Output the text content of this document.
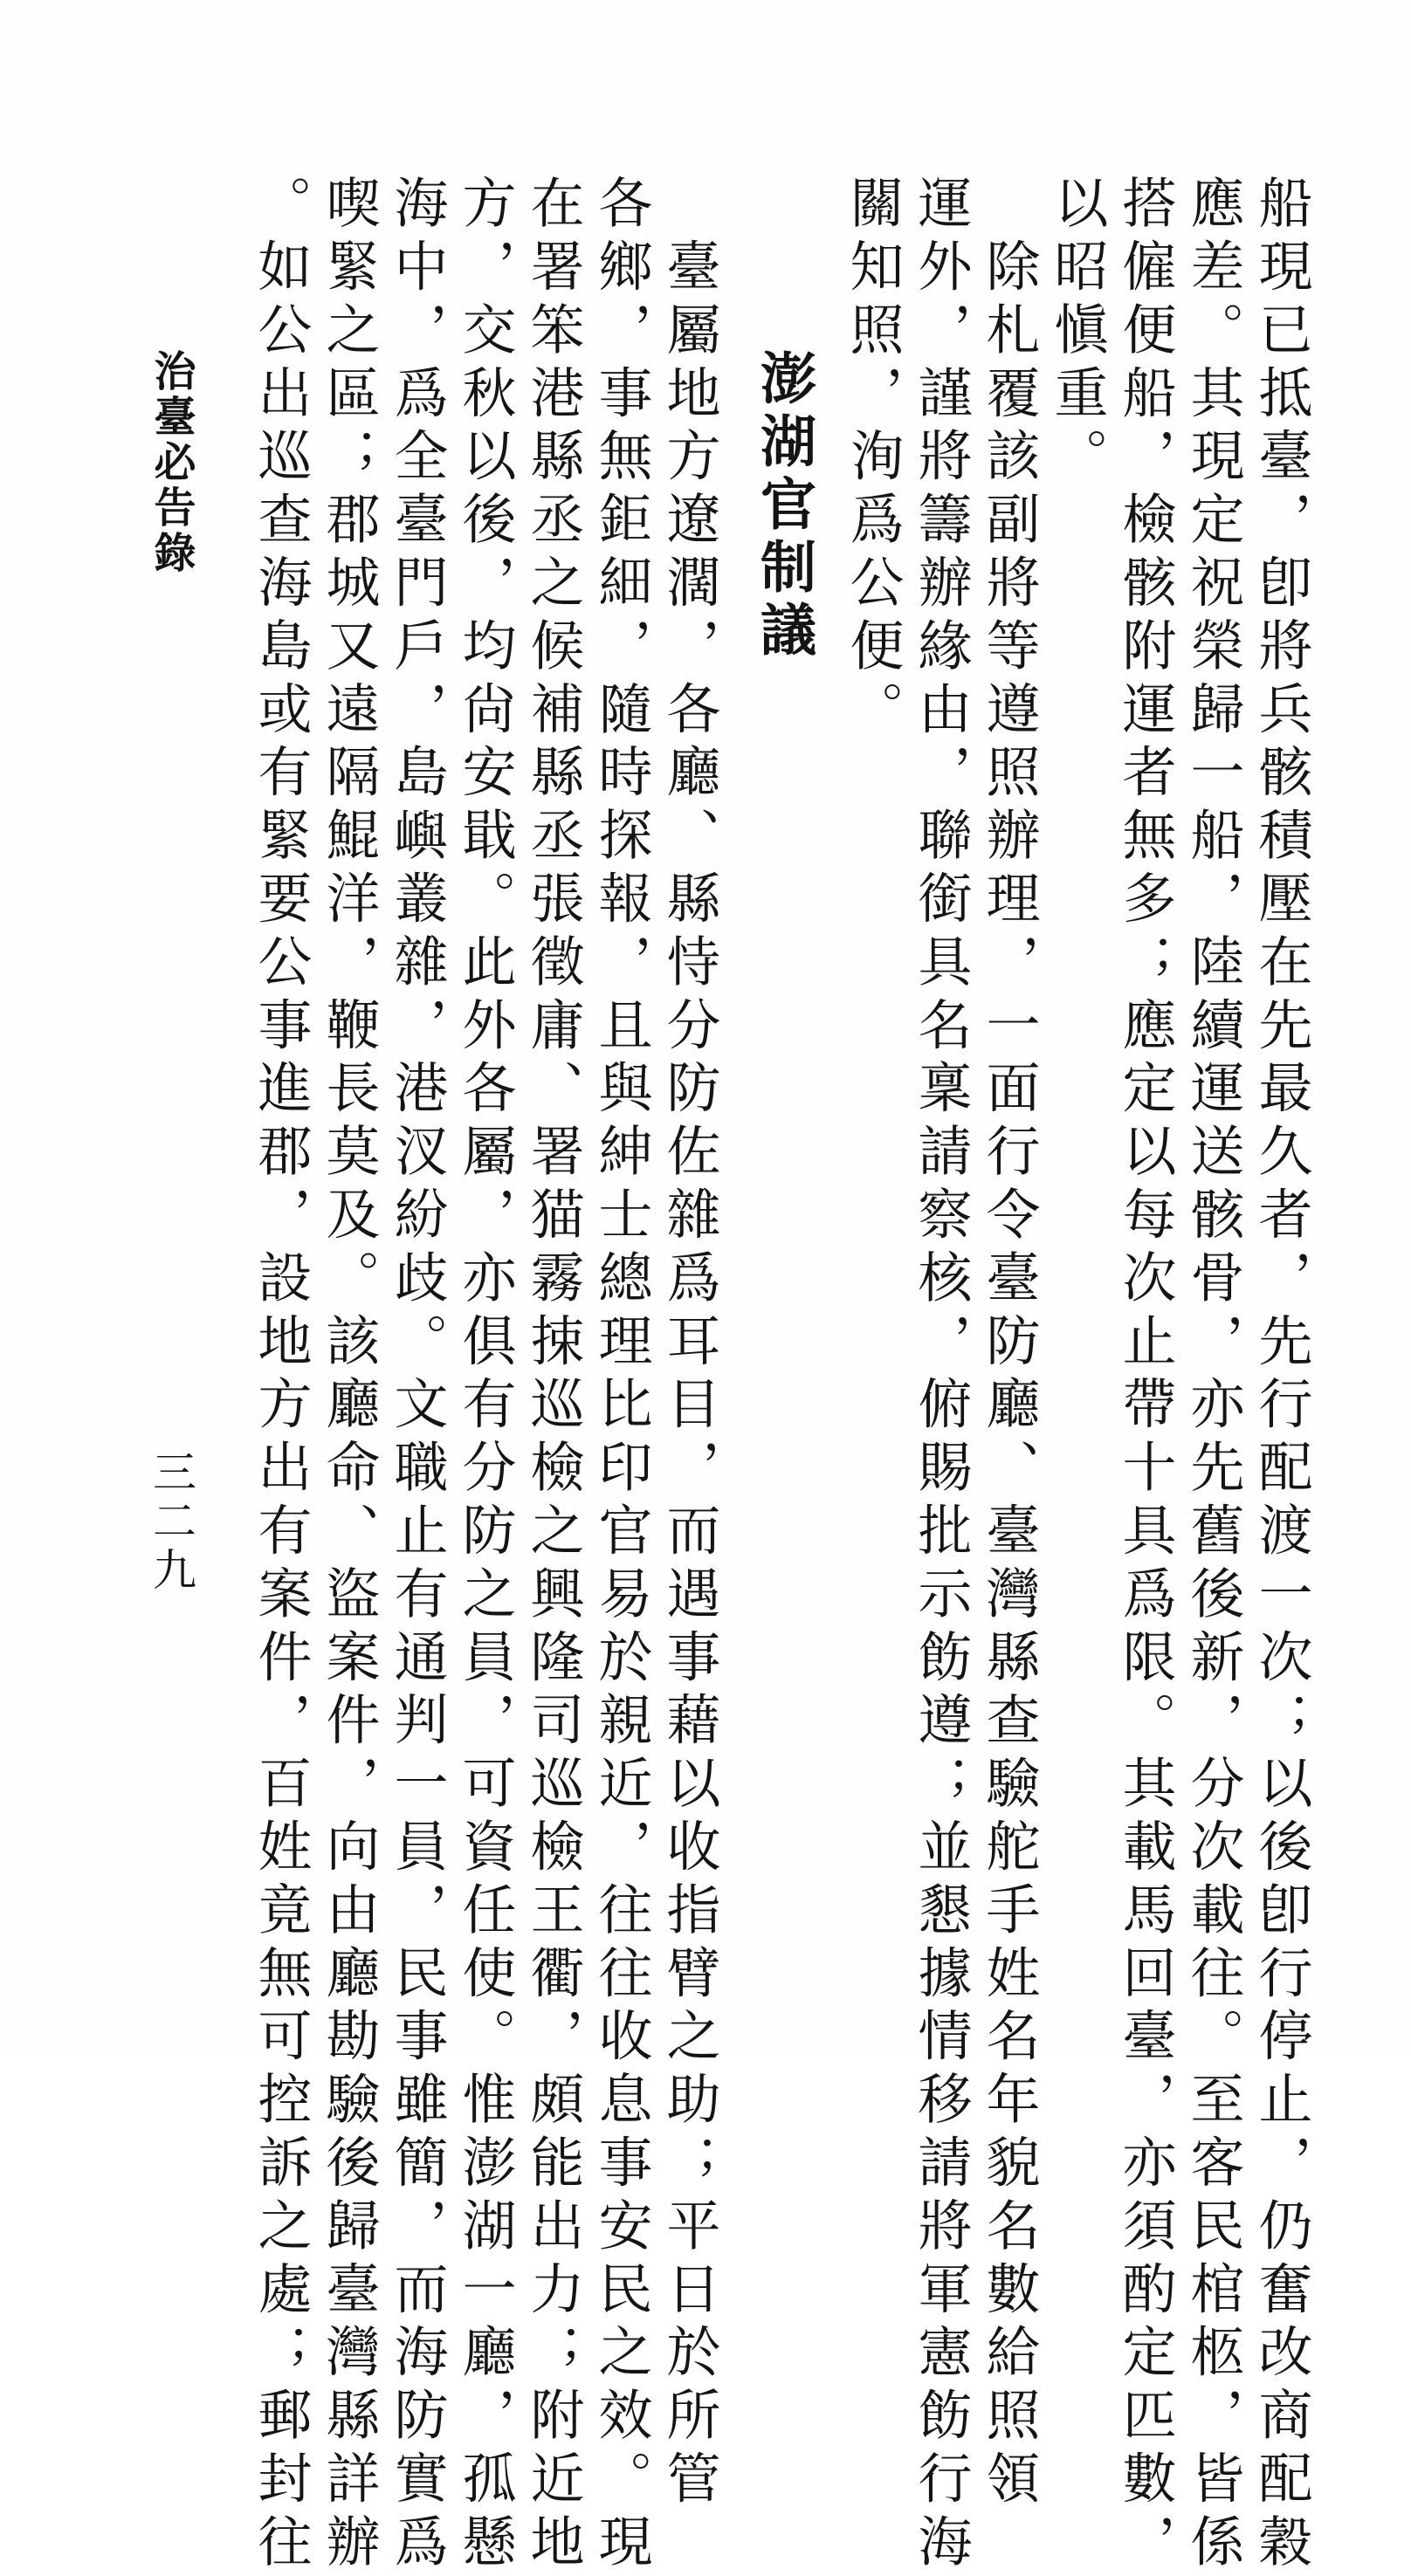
船現已抵臺，卽將兵骸積壓在先最久者，先行配渡一次；以後卽行停止，仍奮改商配穀
應差。其現定祝榮歸一船，陸續運送骸骨，亦先舊後新，分次載往。至客民棺柩，皆係
搭僱便船，檢骸附運者無多；應定以每次止帶十具爲限。其載馬回臺，亦須酌定匹數，
以昭愼重。
　除札覆該副將等遵照辦理，一面行令臺防廳、臺灣縣查驗舵手姓名年貌名數給照領
運外，謹將籌辦緣由，聯銜具名稟請察核，俯賜批示飭遵；並懇據情移請將軍憲飭行海
關知照，洵爲公便。
澎湖官制議
　臺屬地方遼濶，各廳、縣恃分防佐雜爲耳目，而遇事藉以收指臂之助；平日於所管
各鄉，事無鉅細，隨時探報，且與紳士總理比印官易於親近，往往收息事安民之效。現
在署笨港縣丞之候補縣丞張徵庸、署猫霧捒巡檢之興隆司巡檢王衢，頗能出力；附近地
方，交秋以後，均尙安戢。此外各屬，亦俱有分防之員，可資任使。惟澎湖一廳，孤懸
海中，爲全臺門戶，島嶼叢雜，港汊紛歧。文職止有通判一員，民事雖簡，而海防實爲
喫緊之區；郡城又遠隔鯤洋，鞭長莫及。該廳命、盜案件，向由廳勘驗後歸臺灣縣詳辦
。如公出巡查海島或有緊要公事進郡，設地方出有案件，百姓竟無可控訴之處；郵封往
治臺必告錄
三二九
